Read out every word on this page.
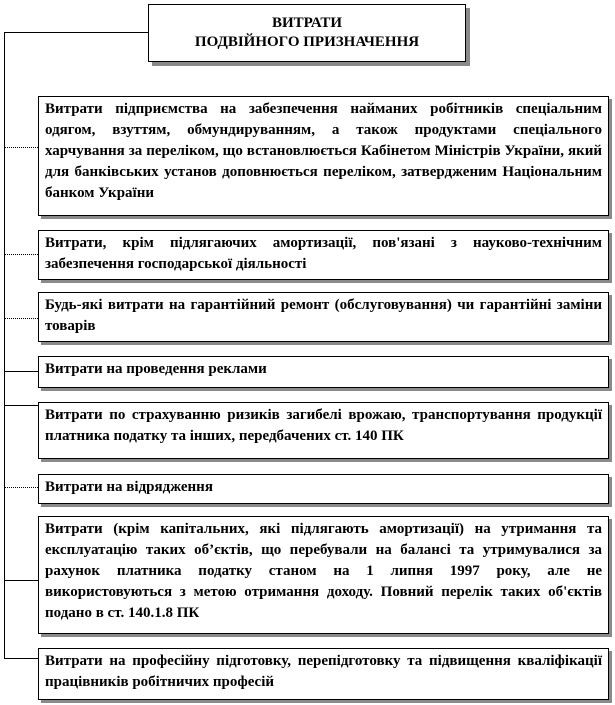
ВИТРАТИ
ПОДВІЙНОГО ПРИЗНАЧЕННЯ
Витрати підприємства на забезпечення найманих робітників спеціальним одягом, взуттям, обмундируванням, а також продуктами спеціального харчування за переліком, що встановлюється Кабінетом Міністрів України, який для банківських установ доповнюється переліком, затвердженим Національним банком України
Витрати, крім підлягаючих амортизації, пов'язані з науково-технічним забезпечення господарської діяльності
Будь-які витрати на гарантійний ремонт (обслуговування) чи гарантійні заміни товарів
Витрати на проведення реклами
Витрати по страхуванню ризиків загибелі врожаю, транспортування продукції платника податку та інших, передбачених ст. 140 ПК
Витрати на відрядження
Витрати (крім капітальних, які підлягають амортизації) на утримання та експлуатацію таких об’єктів, що перебували на балансі та утримувалися за рахунок платника податку станом на 1 липня 1997 року, але не використовуються з метою отримання доходу. Повний перелік таких об'єктів подано в ст. 140.1.8 ПК
Витрати на професійну підготовку, перепідготовку та підвищення кваліфікації працівників робітничих професій
